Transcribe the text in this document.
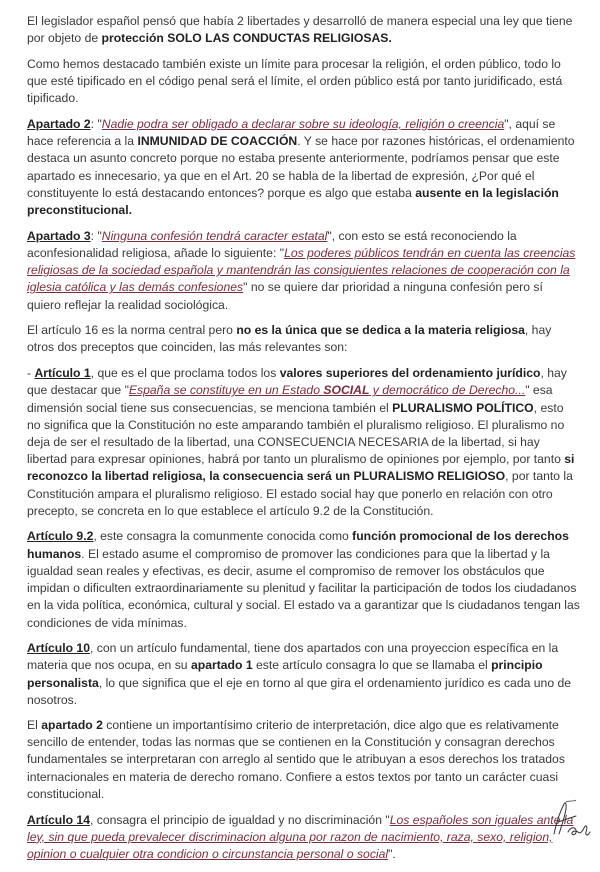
El legislador español pensó que había 2 libertades y desarrolló de manera especial una ley que tiene por objeto de protección SOLO LAS CONDUCTAS RELIGIOSAS.

Como hemos destacado también existe un límite para procesar la religión, el orden público, todo lo que esté tipificado en el código penal será el límite, el orden público está por tanto juridificado, está tipificado.

Apartado 2: "Nadie podra ser obligado a declarar sobre su ideología, religión o creencia", aquí se hace referencia a la INMUNIDAD DE COACCIÓN. Y se hace por razones históricas, el ordenamiento destaca un asunto concreto porque no estaba presente anteriormente, podríamos pensar que este apartado es innecesario, ya que en el Art. 20 se habla de la libertad de expresión, ¿Por qué el constituyente lo está destacando entonces? porque es algo que estaba ausente en la legislación preconstitucional.

Apartado 3: "Ninguna confesión tendrá caracter estatal", con esto se está reconociendo la aconfesionalidad religiosa, añade lo siguiente: "Los poderes públicos tendrán en cuenta las creencias religiosas de la sociedad española y mantendrán las consiguientes relaciones de cooperación con la iglesia católica y las demás confesiones" no se quiere dar prioridad a ninguna confesión pero sí quiero reflejar la realidad sociológica.

El artículo 16 es la norma central pero no es la única que se dedica a la materia religiosa, hay otros dos preceptos que coinciden, las más relevantes son:

- Artículo 1, que es el que proclama todos los valores superiores del ordenamiento jurídico, hay que destacar que "España se constituye en un Estado SOCIAL y democrático de Derecho..." esa dimensión social tiene sus consecuencias, se menciona también el PLURALISMO POLÍTICO, esto no significa que la Constitución no este amparando también el pluralismo religioso. El pluralismo no deja de ser el resultado de la libertad, una CONSECUENCIA NECESARIA de la libertad, si hay libertad para expresar opiniones, habrá por tanto un pluralismo de opiniones por ejemplo, por tanto si reconozco la libertad religiosa, la consecuencia será un PLURALISMO RELIGIOSO, por tanto la Constitución ampara el pluralismo religioso. El estado social hay que ponerlo en relación con otro precepto, se concreta en lo que establece el artículo 9.2 de la Constitución.

Artículo 9.2, este consagra la comunmente conocida como función promocional de los derechos humanos. El estado asume el compromiso de promover las condiciones para que la libertad y la igualdad sean reales y efectivas, es decir, asume el compromiso de remover los obstáculos que impidan o dificulten extraordinariamente su plenitud y facilitar la participación de todos los ciudadanos en la vida política, económica, cultural y social. El estado va a garantizar que ls ciudadanos tengan las condiciones de vida mínimas.

Artículo 10, con un artículo fundamental, tiene dos apartados con una proyeccion específica en la materia que nos ocupa, en su apartado 1 este artículo consagra lo que se llamaba el principio personalista, lo que significa que el eje en torno al que gira el ordenamiento jurídico es cada uno de nosotros.

El apartado 2 contiene un importantísimo criterio de interpretación, dice algo que es relativamente sencillo de entender, todas las normas que se contienen en la Constitución y consagran derechos fundamentales se interpretaran con arreglo al sentido que le atribuyan a esos derechos los tratados internacionales en materia de derecho romano. Confiere a estos textos por tanto un carácter cuasi constitucional.

Artículo 14, consagra el principio de igualdad y no discriminación "Los españoles son iguales ante la ley, sin que pueda prevalecer discriminacion alguna por razon de nacimiento, raza, sexo, religion, opinion o cualquier otra condicion o circunstancia personal o social".
